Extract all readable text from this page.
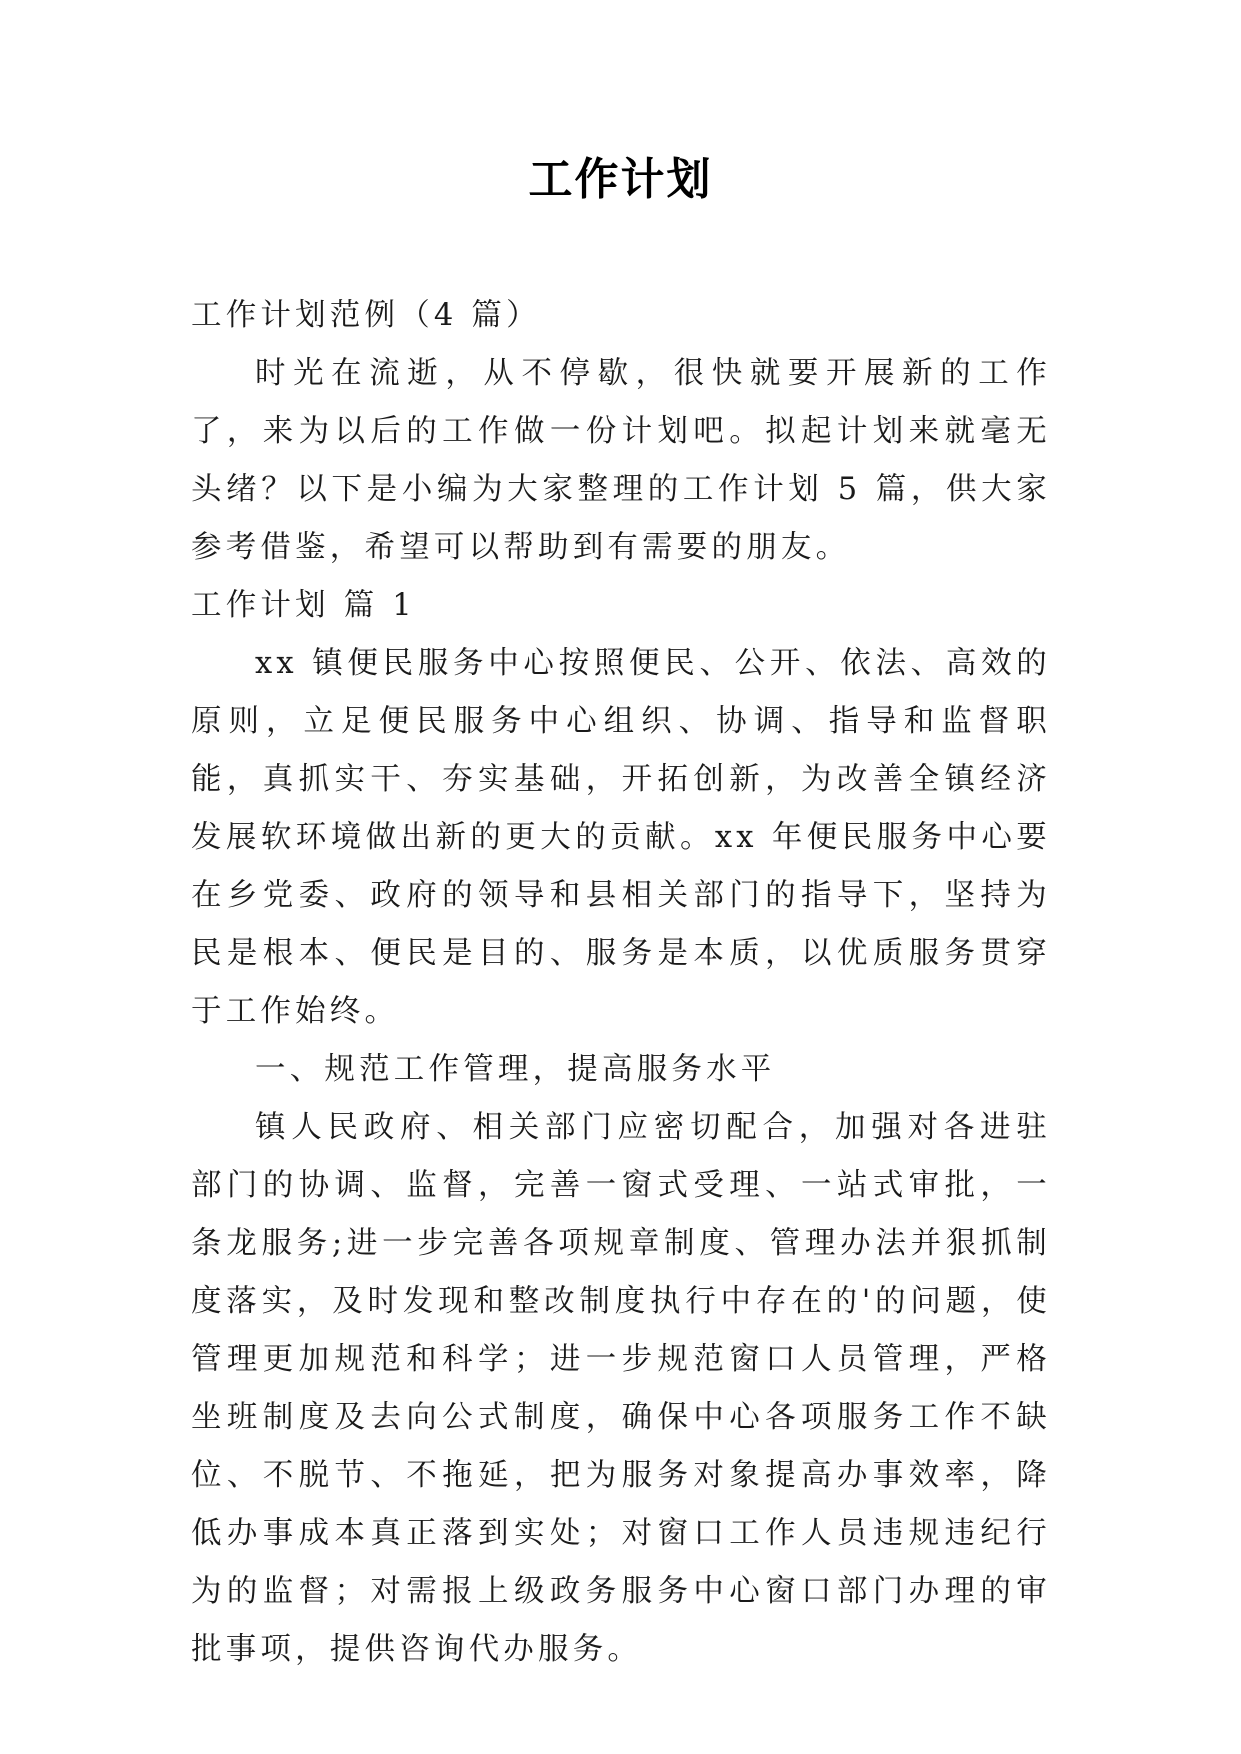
工作计划

工作计划范例（4 篇）

时光在流逝，从不停歇，很快就要开展新的工作了，来为以后的工作做一份计划吧。拟起计划来就毫无头绪？以下是小编为大家整理的工作计划 5 篇，供大家参考借鉴，希望可以帮助到有需要的朋友。

工作计划 篇 1

xx 镇便民服务中心按照便民、公开、依法、高效的原则，立足便民服务中心组织、协调、指导和监督职能，真抓实干、夯实基础，开拓创新，为改善全镇经济发展软环境做出新的更大的贡献。xx 年便民服务中心要在乡党委、政府的领导和县相关部门的指导下，坚持为民是根本、便民是目的、服务是本质，以优质服务贯穿于工作始终。

一、规范工作管理，提高服务水平

镇人民政府、相关部门应密切配合，加强对各进驻部门的协调、监督，完善一窗式受理、一站式审批，一条龙服务;进一步完善各项规章制度、管理办法并狠抓制度落实，及时发现和整改制度执行中存在的'的问题，使管理更加规范和科学；进一步规范窗口人员管理，严格坐班制度及去向公式制度，确保中心各项服务工作不缺位、不脱节、不拖延，把为服务对象提高办事效率，降低办事成本真正落到实处；对窗口工作人员违规违纪行为的监督；对需报上级政务服务中心窗口部门办理的审批事项，提供咨询代办服务。
